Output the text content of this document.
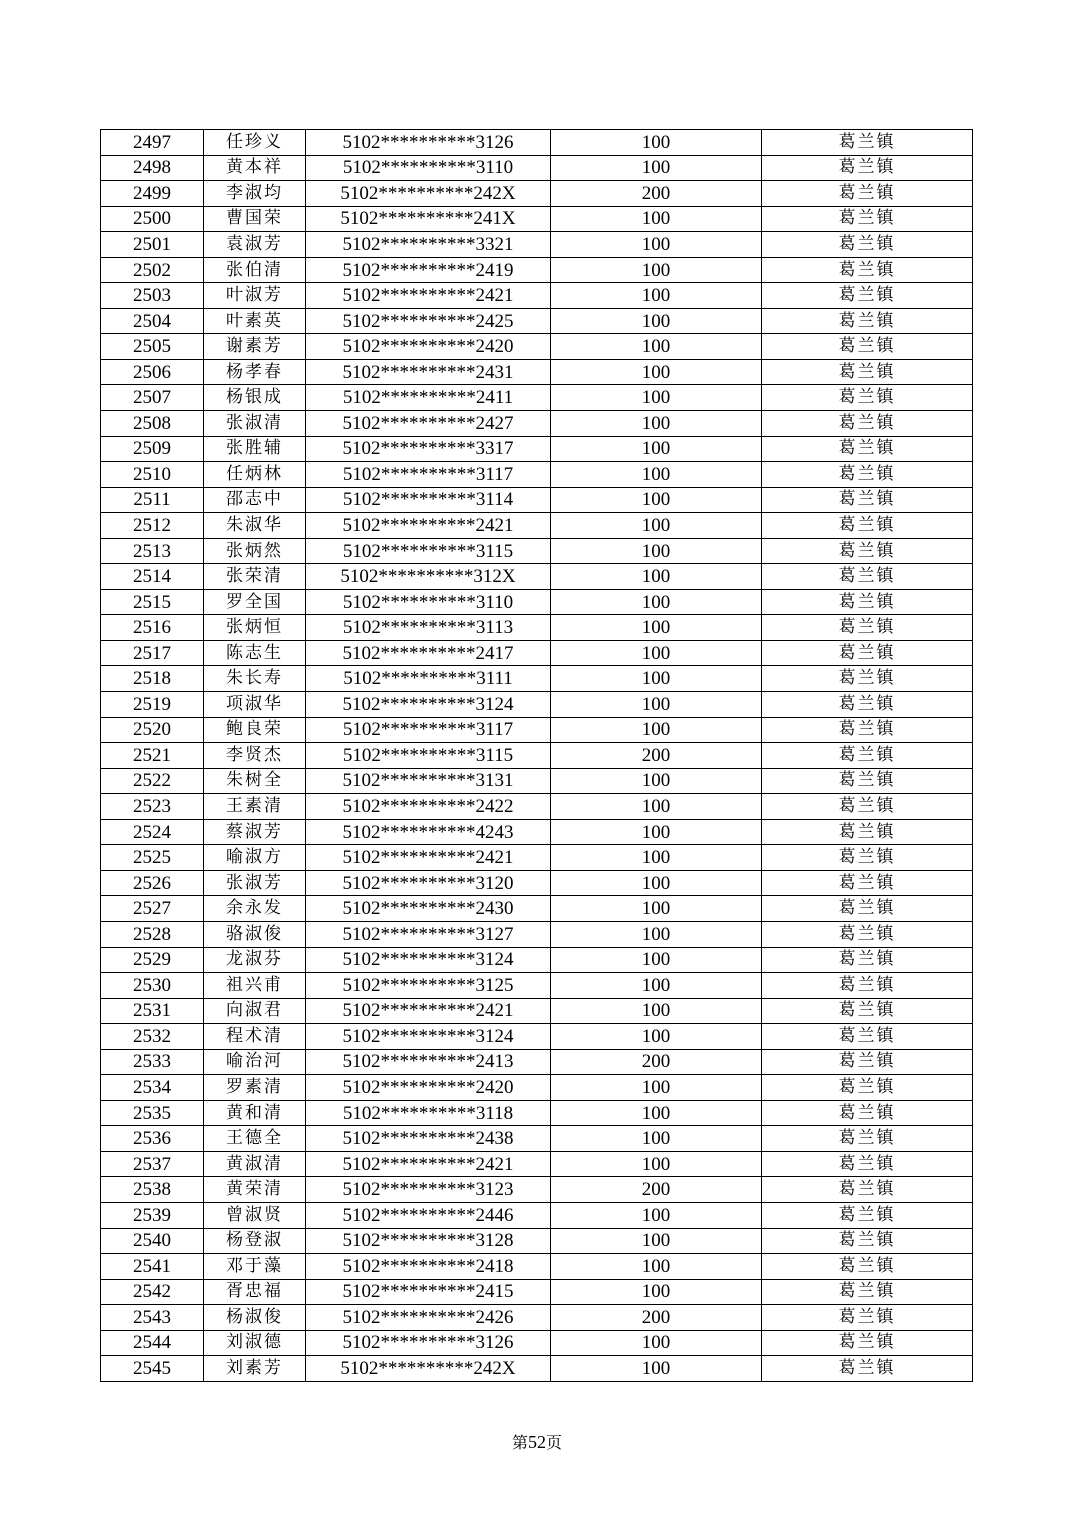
2497	任珍义	5102**********3126	100	葛兰镇
2498	黄本祥	5102**********3110	100	葛兰镇
2499	李淑均	5102**********242X	200	葛兰镇
2500	曹国荣	5102**********241X	100	葛兰镇
2501	袁淑芳	5102**********3321	100	葛兰镇
2502	张伯清	5102**********2419	100	葛兰镇
2503	叶淑芳	5102**********2421	100	葛兰镇
2504	叶素英	5102**********2425	100	葛兰镇
2505	谢素芳	5102**********2420	100	葛兰镇
2506	杨孝春	5102**********2431	100	葛兰镇
2507	杨银成	5102**********2411	100	葛兰镇
2508	张淑清	5102**********2427	100	葛兰镇
2509	张胜辅	5102**********3317	100	葛兰镇
2510	任炳林	5102**********3117	100	葛兰镇
2511	邵志中	5102**********3114	100	葛兰镇
2512	朱淑华	5102**********2421	100	葛兰镇
2513	张炳然	5102**********3115	100	葛兰镇
2514	张荣清	5102**********312X	100	葛兰镇
2515	罗全国	5102**********3110	100	葛兰镇
2516	张炳恒	5102**********3113	100	葛兰镇
2517	陈志生	5102**********2417	100	葛兰镇
2518	朱长寿	5102**********3111	100	葛兰镇
2519	项淑华	5102**********3124	100	葛兰镇
2520	鲍良荣	5102**********3117	100	葛兰镇
2521	李贤杰	5102**********3115	200	葛兰镇
2522	朱树全	5102**********3131	100	葛兰镇
2523	王素清	5102**********2422	100	葛兰镇
2524	蔡淑芳	5102**********4243	100	葛兰镇
2525	喻淑方	5102**********2421	100	葛兰镇
2526	张淑芳	5102**********3120	100	葛兰镇
2527	余永发	5102**********2430	100	葛兰镇
2528	骆淑俊	5102**********3127	100	葛兰镇
2529	龙淑芬	5102**********3124	100	葛兰镇
2530	祖兴甫	5102**********3125	100	葛兰镇
2531	向淑君	5102**********2421	100	葛兰镇
2532	程术清	5102**********3124	100	葛兰镇
2533	喻治河	5102**********2413	200	葛兰镇
2534	罗素清	5102**********2420	100	葛兰镇
2535	黄和清	5102**********3118	100	葛兰镇
2536	王德全	5102**********2438	100	葛兰镇
2537	黄淑清	5102**********2421	100	葛兰镇
2538	黄荣清	5102**********3123	200	葛兰镇
2539	曾淑贤	5102**********2446	100	葛兰镇
2540	杨登淑	5102**********3128	100	葛兰镇
2541	邓于藻	5102**********2418	100	葛兰镇
2542	胥忠福	5102**********2415	100	葛兰镇
2543	杨淑俊	5102**********2426	200	葛兰镇
2544	刘淑德	5102**********3126	100	葛兰镇
2545	刘素芳	5102**********242X	100	葛兰镇
第52页
